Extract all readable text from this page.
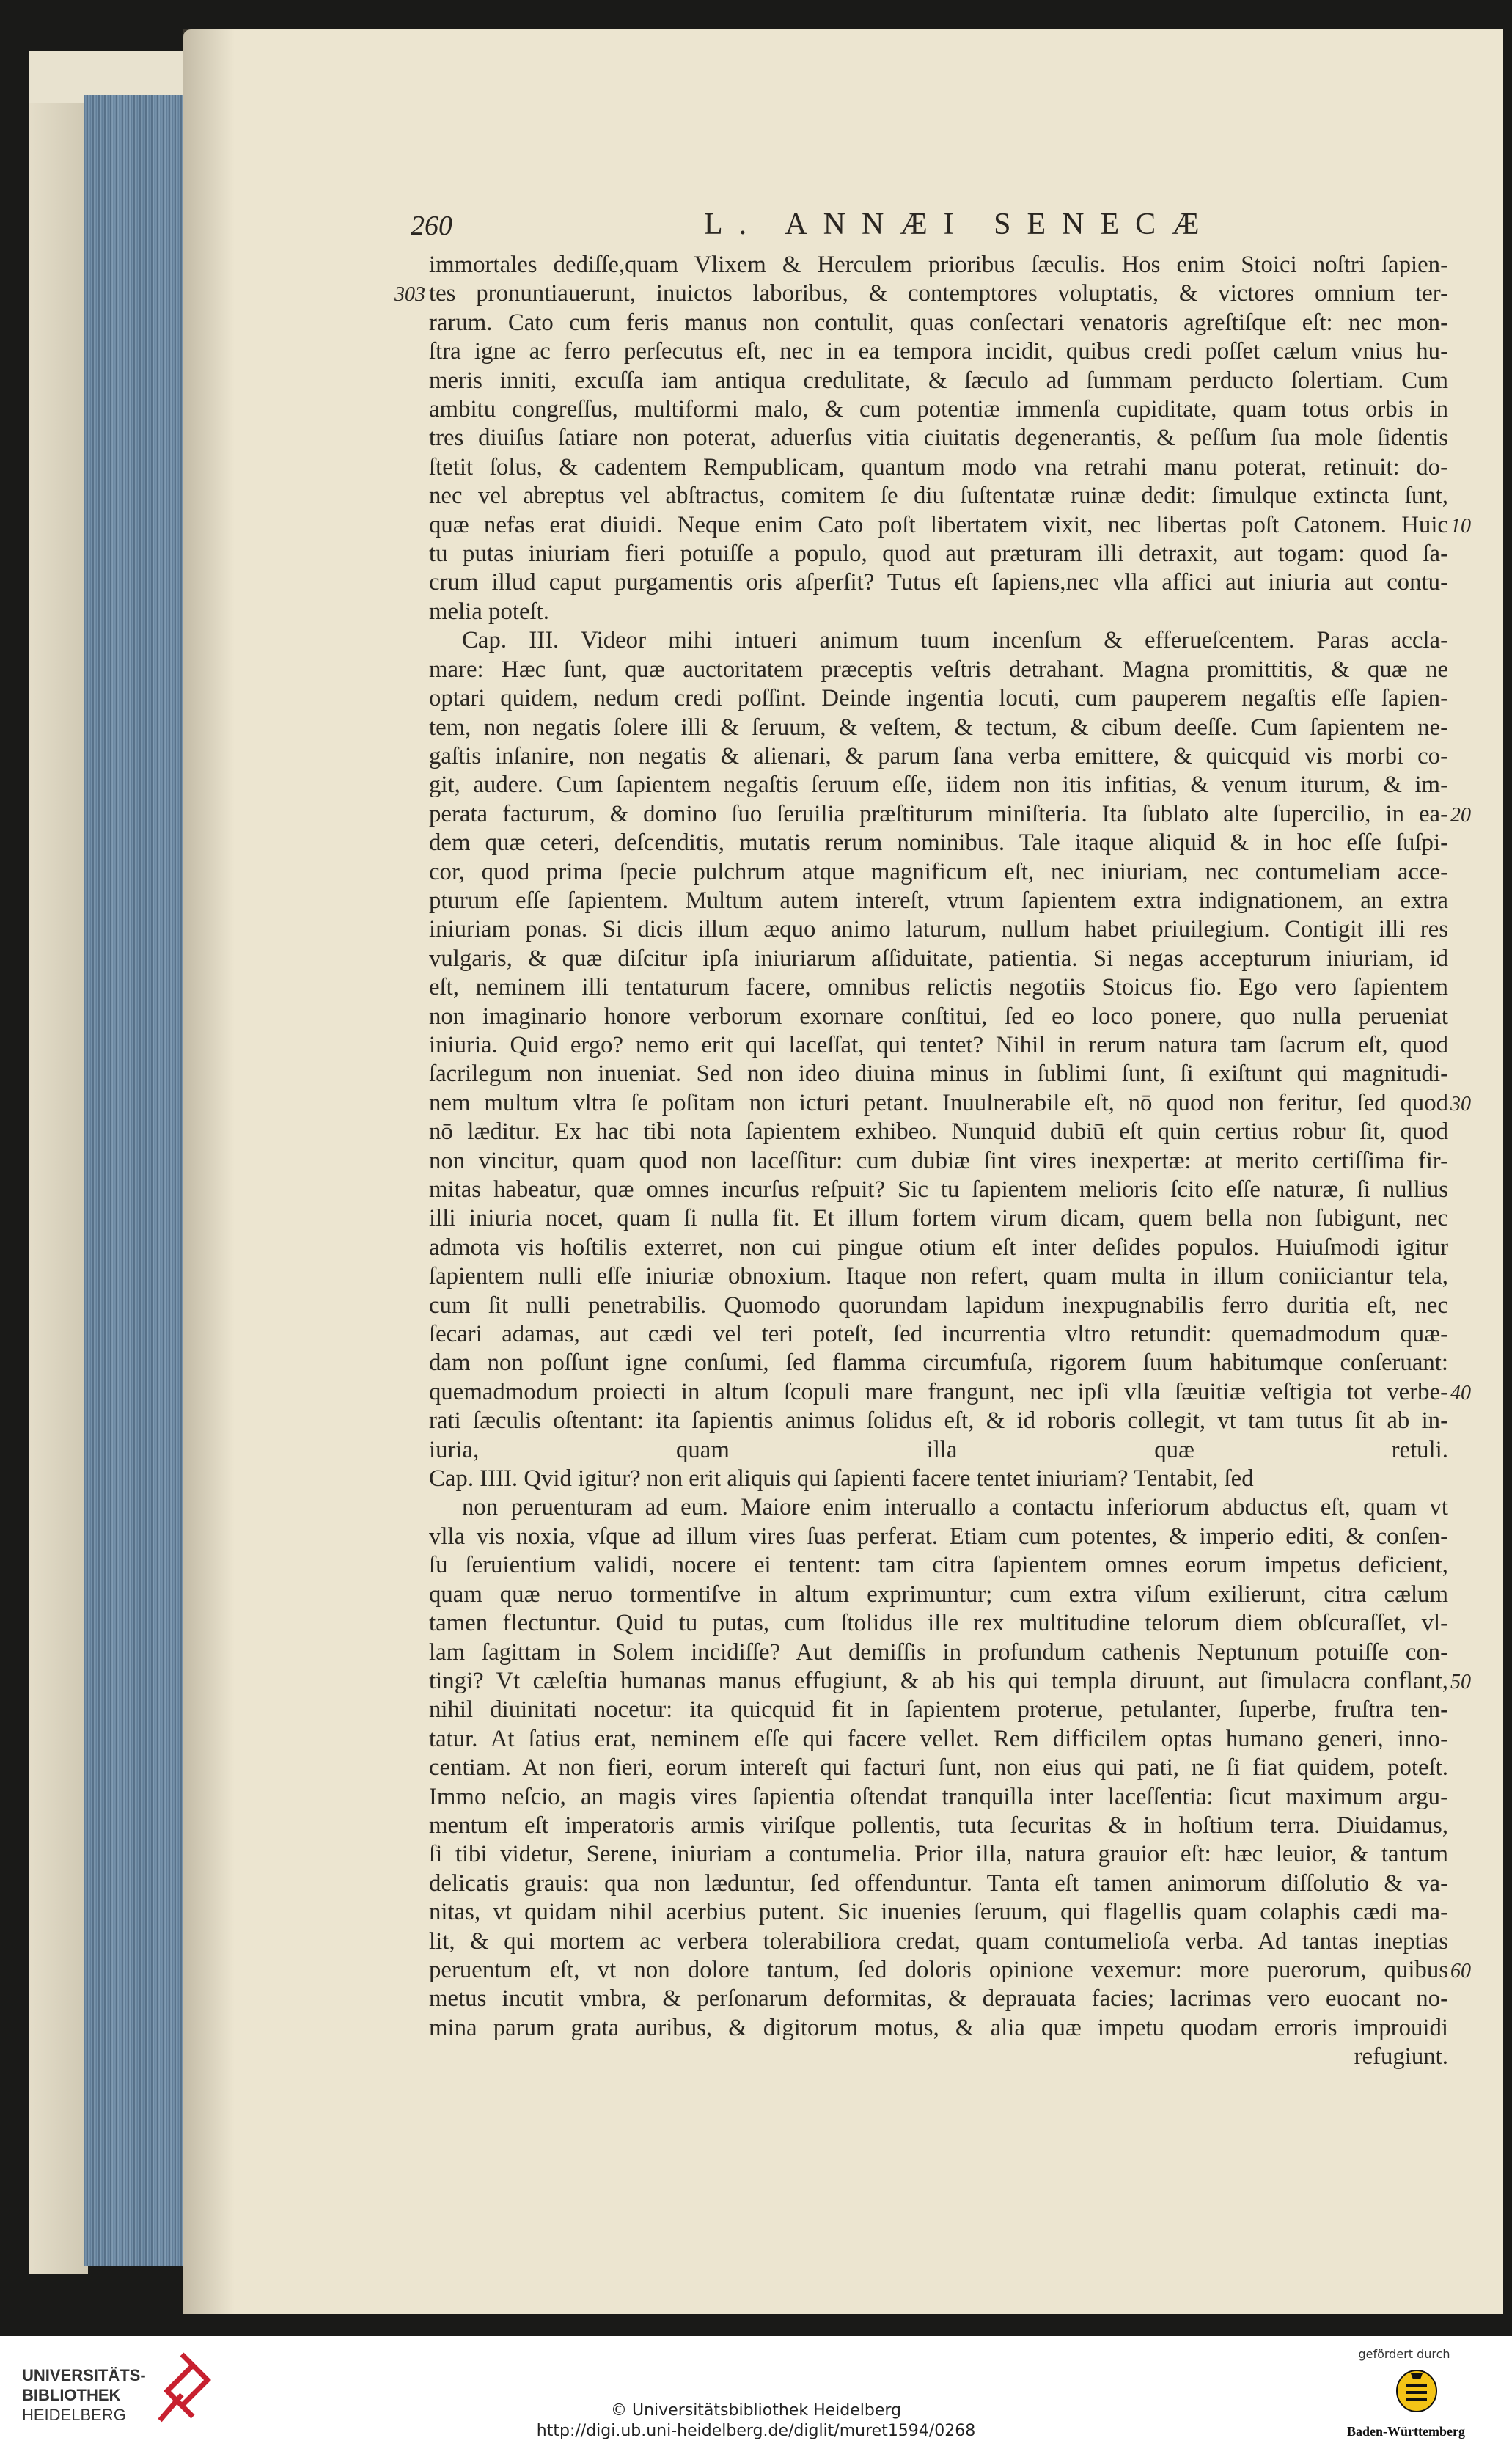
260	L. ANNÆI SENECÆ
immortales dediſſe,quam Vlixem & Herculem prioribus ſæculis. Hos enim Stoici noſtri ſapien-
tes pronuntiauerunt, inuictos laboribus, & contemptores voluptatis, & victores omnium ter-
rarum. Cato cum feris manus non contulit, quas conſectari venatoris agreſtiſque eſt: nec mon-
ſtra igne ac ferro perſecutus eſt, nec in ea tempora incidit, quibus credi poſſet cælum vnius hu-
meris inniti, excuſſa iam antiqua credulitate, & ſæculo ad ſummam perducto ſolertiam. Cum
ambitu congreſſus, multiformi malo, & cum potentiæ immenſa cupiditate, quam totus orbis in
tres diuiſus ſatiare non poterat, aduerſus vitia ciuitatis degenerantis, & peſſum ſua mole ſidentis
ſtetit ſolus, & cadentem Rempublicam, quantum modo vna retrahi manu poterat, retinuit: do-
nec vel abreptus vel abſtractus, comitem ſe diu ſuſtentatæ ruinæ dedit: ſimulque extincta ſunt,
quæ nefas erat diuidi. Neque enim Cato poſt libertatem vixit, nec libertas poſt Catonem. Huic
tu putas iniuriam fieri potuiſſe a populo, quod aut præturam illi detraxit, aut togam: quod ſa-
crum illud caput purgamentis oris aſperſit? Tutus eſt ſapiens,nec vlla affici aut iniuria aut contu-
melia poteſt.
Cap. III. Videor mihi intueri animum tuum incenſum & efferueſcentem. Paras accla-
mare: Hæc ſunt, quæ auctoritatem præceptis veſtris detrahant. Magna promittitis, & quæ ne
optari quidem, nedum credi poſſint. Deinde ingentia locuti, cum pauperem negaſtis eſſe ſapien-
tem, non negatis ſolere illi & ſeruum, & veſtem, & tectum, & cibum deeſſe. Cum ſapientem ne-
gaſtis inſanire, non negatis & alienari, & parum ſana verba emittere, & quicquid vis morbi co-
git, audere. Cum ſapientem negaſtis ſeruum eſſe, iidem non itis infitias, & venum iturum, & im-
perata facturum, & domino ſuo ſeruilia præſtiturum miniſteria. Ita ſublato alte ſupercilio, in ea-
dem quæ ceteri, deſcenditis, mutatis rerum nominibus. Tale itaque aliquid & in hoc eſſe ſuſpi-
cor, quod prima ſpecie pulchrum atque magnificum eſt, nec iniuriam, nec contumeliam acce-
pturum eſſe ſapientem. Multum autem intereſt, vtrum ſapientem extra indignationem, an extra
iniuriam ponas. Si dicis illum æquo animo laturum, nullum habet priuilegium. Contigit illi res
vulgaris, & quæ diſcitur ipſa iniuriarum aſſiduitate, patientia. Si negas accepturum iniuriam, id
eſt, neminem illi tentaturum facere, omnibus relictis negotiis Stoicus fio. Ego vero ſapientem
non imaginario honore verborum exornare conſtitui, ſed eo loco ponere, quo nulla perueniat
iniuria. Quid ergo? nemo erit qui laceſſat, qui tentet? Nihil in rerum natura tam ſacrum eſt, quod
ſacrilegum non inueniat. Sed non ideo diuina minus in ſublimi ſunt, ſi exiſtunt qui magnitudi-
nem multum vltra ſe poſitam non icturi petant. Inuulnerabile eſt, nō quod non feritur, ſed quod
nō læditur. Ex hac tibi nota ſapientem exhibeo. Nunquid dubiū eſt quin certius robur ſit, quod
non vincitur, quam quod non laceſſitur: cum dubiæ ſint vires inexpertæ: at merito certiſſima fir-
mitas habeatur, quæ omnes incurſus reſpuit? Sic tu ſapientem melioris ſcito eſſe naturæ, ſi nullius
illi iniuria nocet, quam ſi nulla fit. Et illum fortem virum dicam, quem bella non ſubigunt, nec
admota vis hoſtilis exterret, non cui pingue otium eſt inter deſides populos. Huiuſmodi igitur
ſapientem nulli eſſe iniuriæ obnoxium. Itaque non refert, quam multa in illum coniiciantur tela,
cum ſit nulli penetrabilis. Quomodo quorundam lapidum inexpugnabilis ferro duritia eſt, nec
ſecari adamas, aut cædi vel teri poteſt, ſed incurrentia vltro retundit: quemadmodum quæ-
dam non poſſunt igne conſumi, ſed flamma circumfuſa, rigorem ſuum habitumque conſeruant:
quemadmodum proiecti in altum ſcopuli mare frangunt, nec ipſi vlla ſæuitiæ veſtigia tot verbe-
rati ſæculis oſtentant: ita ſapientis animus ſolidus eſt, & id roboris collegit, vt tam tutus ſit ab in-
iuria, quam illa quæ retuli.
Cap. IIII. Qvid igitur? non erit aliquis qui ſapienti facere tentet iniuriam? Tentabit, ſed
non peruenturam ad eum. Maiore enim interuallo a contactu inferiorum abductus eſt, quam vt
vlla vis noxia, vſque ad illum vires ſuas perferat. Etiam cum potentes, & imperio editi, & conſen-
ſu ſeruientium validi, nocere ei tentent: tam citra ſapientem omnes eorum impetus deficient,
quam quæ neruo tormentiſve in altum exprimuntur; cum extra viſum exilierunt, citra cælum
tamen flectuntur. Quid tu putas, cum ſtolidus ille rex multitudine telorum diem obſcuraſſet, vl-
lam ſagittam in Solem incidiſſe? Aut demiſſis in profundum cathenis Neptunum potuiſſe con-
tingi? Vt cæleſtia humanas manus effugiunt, & ab his qui templa diruunt, aut ſimulacra conflant,
nihil diuinitati nocetur: ita quicquid fit in ſapientem proterue, petulanter, ſuperbe, fruſtra ten-
tatur. At ſatius erat, neminem eſſe qui facere vellet. Rem difficilem optas humano generi, inno-
centiam. At non fieri, eorum intereſt qui facturi ſunt, non eius qui pati, ne ſi fiat quidem, poteſt.
Immo neſcio, an magis vires ſapientia oſtendat tranquilla inter laceſſentia: ſicut maximum argu-
mentum eſt imperatoris armis viriſque pollentis, tuta ſecuritas & in hoſtium terra. Diuidamus,
ſi tibi videtur, Serene, iniuriam a contumelia. Prior illa, natura grauior eſt: hæc leuior, & tantum
delicatis grauis: qua non læduntur, ſed offenduntur. Tanta eſt tamen animorum diſſolutio & va-
nitas, vt quidam nihil acerbius putent. Sic inuenies ſeruum, qui flagellis quam colaphis cædi ma-
lit, & qui mortem ac verbera tolerabiliora credat, quam contumelioſa verba. Ad tantas ineptias
peruentum eſt, vt non dolore tantum, ſed doloris opinione vexemur: more puerorum, quibus
metus incutit vmbra, & perſonarum deformitas, & deprauata facies; lacrimas vero euocant no-
mina parum grata auribus, & digitorum motus, & alia quæ impetu quodam erroris improuidi
refugiunt.
303
10
20
30
40
50
60
UNIVERSITÄTS-
BIBLIOTHEK
HEIDELBERG	© Universitätsbibliothek Heidelberg
http://digi.ub.uni-heidelberg.de/diglit/muret1594/0268
gefördert durch
Baden-Württemberg
